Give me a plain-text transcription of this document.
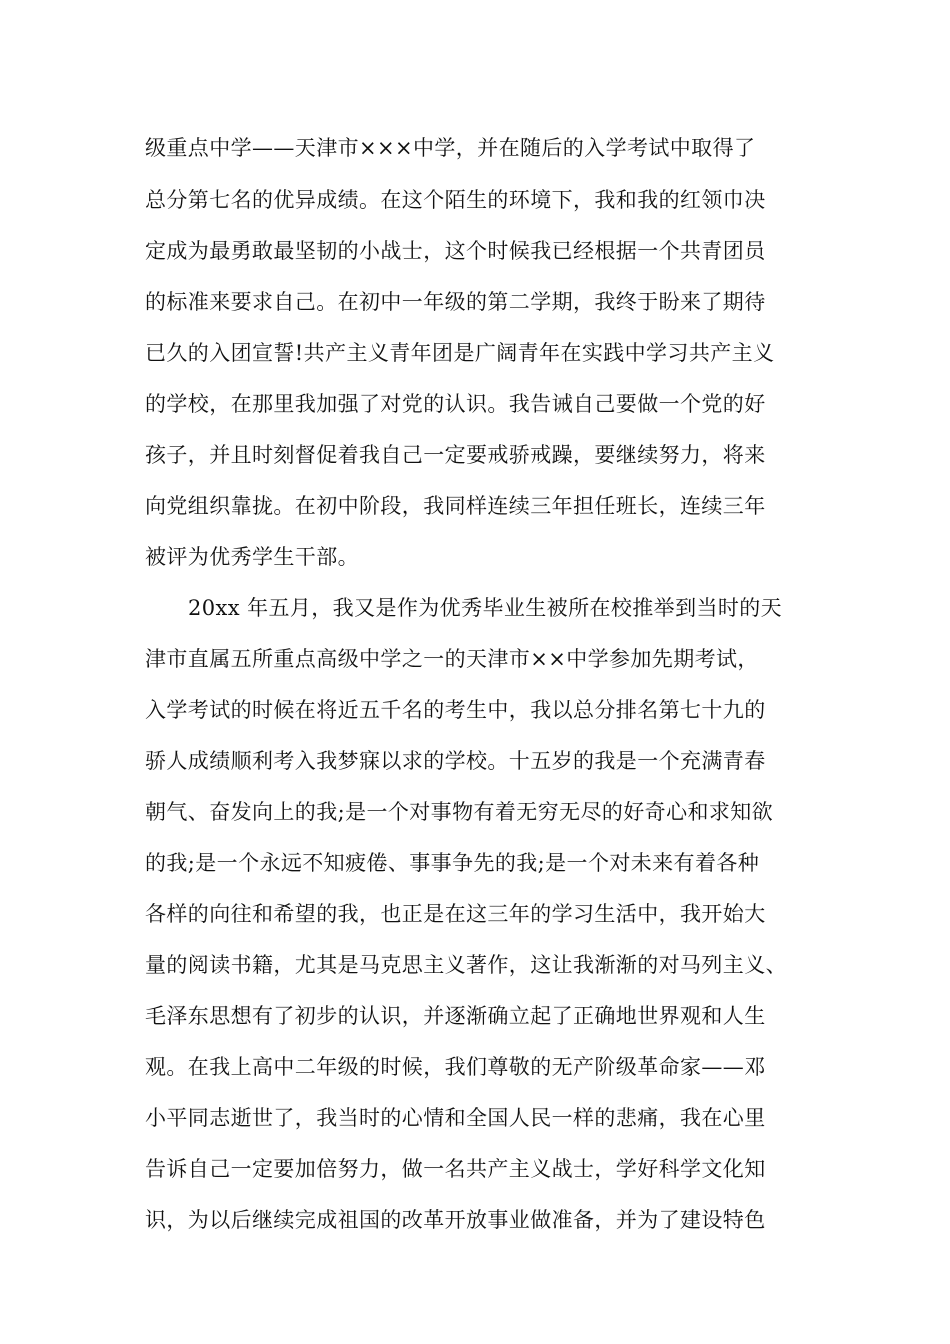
级重点中学——天津市×××中学，并在随后的入学考试中取得了
总分第七名的优异成绩。在这个陌生的环境下，我和我的红领巾决
定成为最勇敢最坚韧的小战士，这个时候我已经根据一个共青团员
的标准来要求自己。在初中一年级的第二学期，我终于盼来了期待
已久的入团宣誓!共产主义青年团是广阔青年在实践中学习共产主义
的学校，在那里我加强了对党的认识。我告诫自己要做一个党的好
孩子，并且时刻督促着我自己一定要戒骄戒躁，要继续努力，将来
向党组织靠拢。在初中阶段，我同样连续三年担任班长，连续三年
被评为优秀学生干部。
20xx 年五月，我又是作为优秀毕业生被所在校推举到当时的天
津市直属五所重点高级中学之一的天津市××中学参加先期考试，
入学考试的时候在将近五千名的考生中，我以总分排名第七十九的
骄人成绩顺利考入我梦寐以求的学校。十五岁的我是一个充满青春
朝气、奋发向上的我;是一个对事物有着无穷无尽的好奇心和求知欲
的我;是一个永远不知疲倦、事事争先的我;是一个对未来有着各种
各样的向往和希望的我，也正是在这三年的学习生活中，我开始大
量的阅读书籍，尤其是马克思主义著作，这让我渐渐的对马列主义、
毛泽东思想有了初步的认识，并逐渐确立起了正确地世界观和人生
观。在我上高中二年级的时候，我们尊敬的无产阶级革命家——邓
小平同志逝世了，我当时的心情和全国人民一样的悲痛，我在心里
告诉自己一定要加倍努力，做一名共产主义战士，学好科学文化知
识，为以后继续完成祖国的改革开放事业做准备，并为了建设特色
